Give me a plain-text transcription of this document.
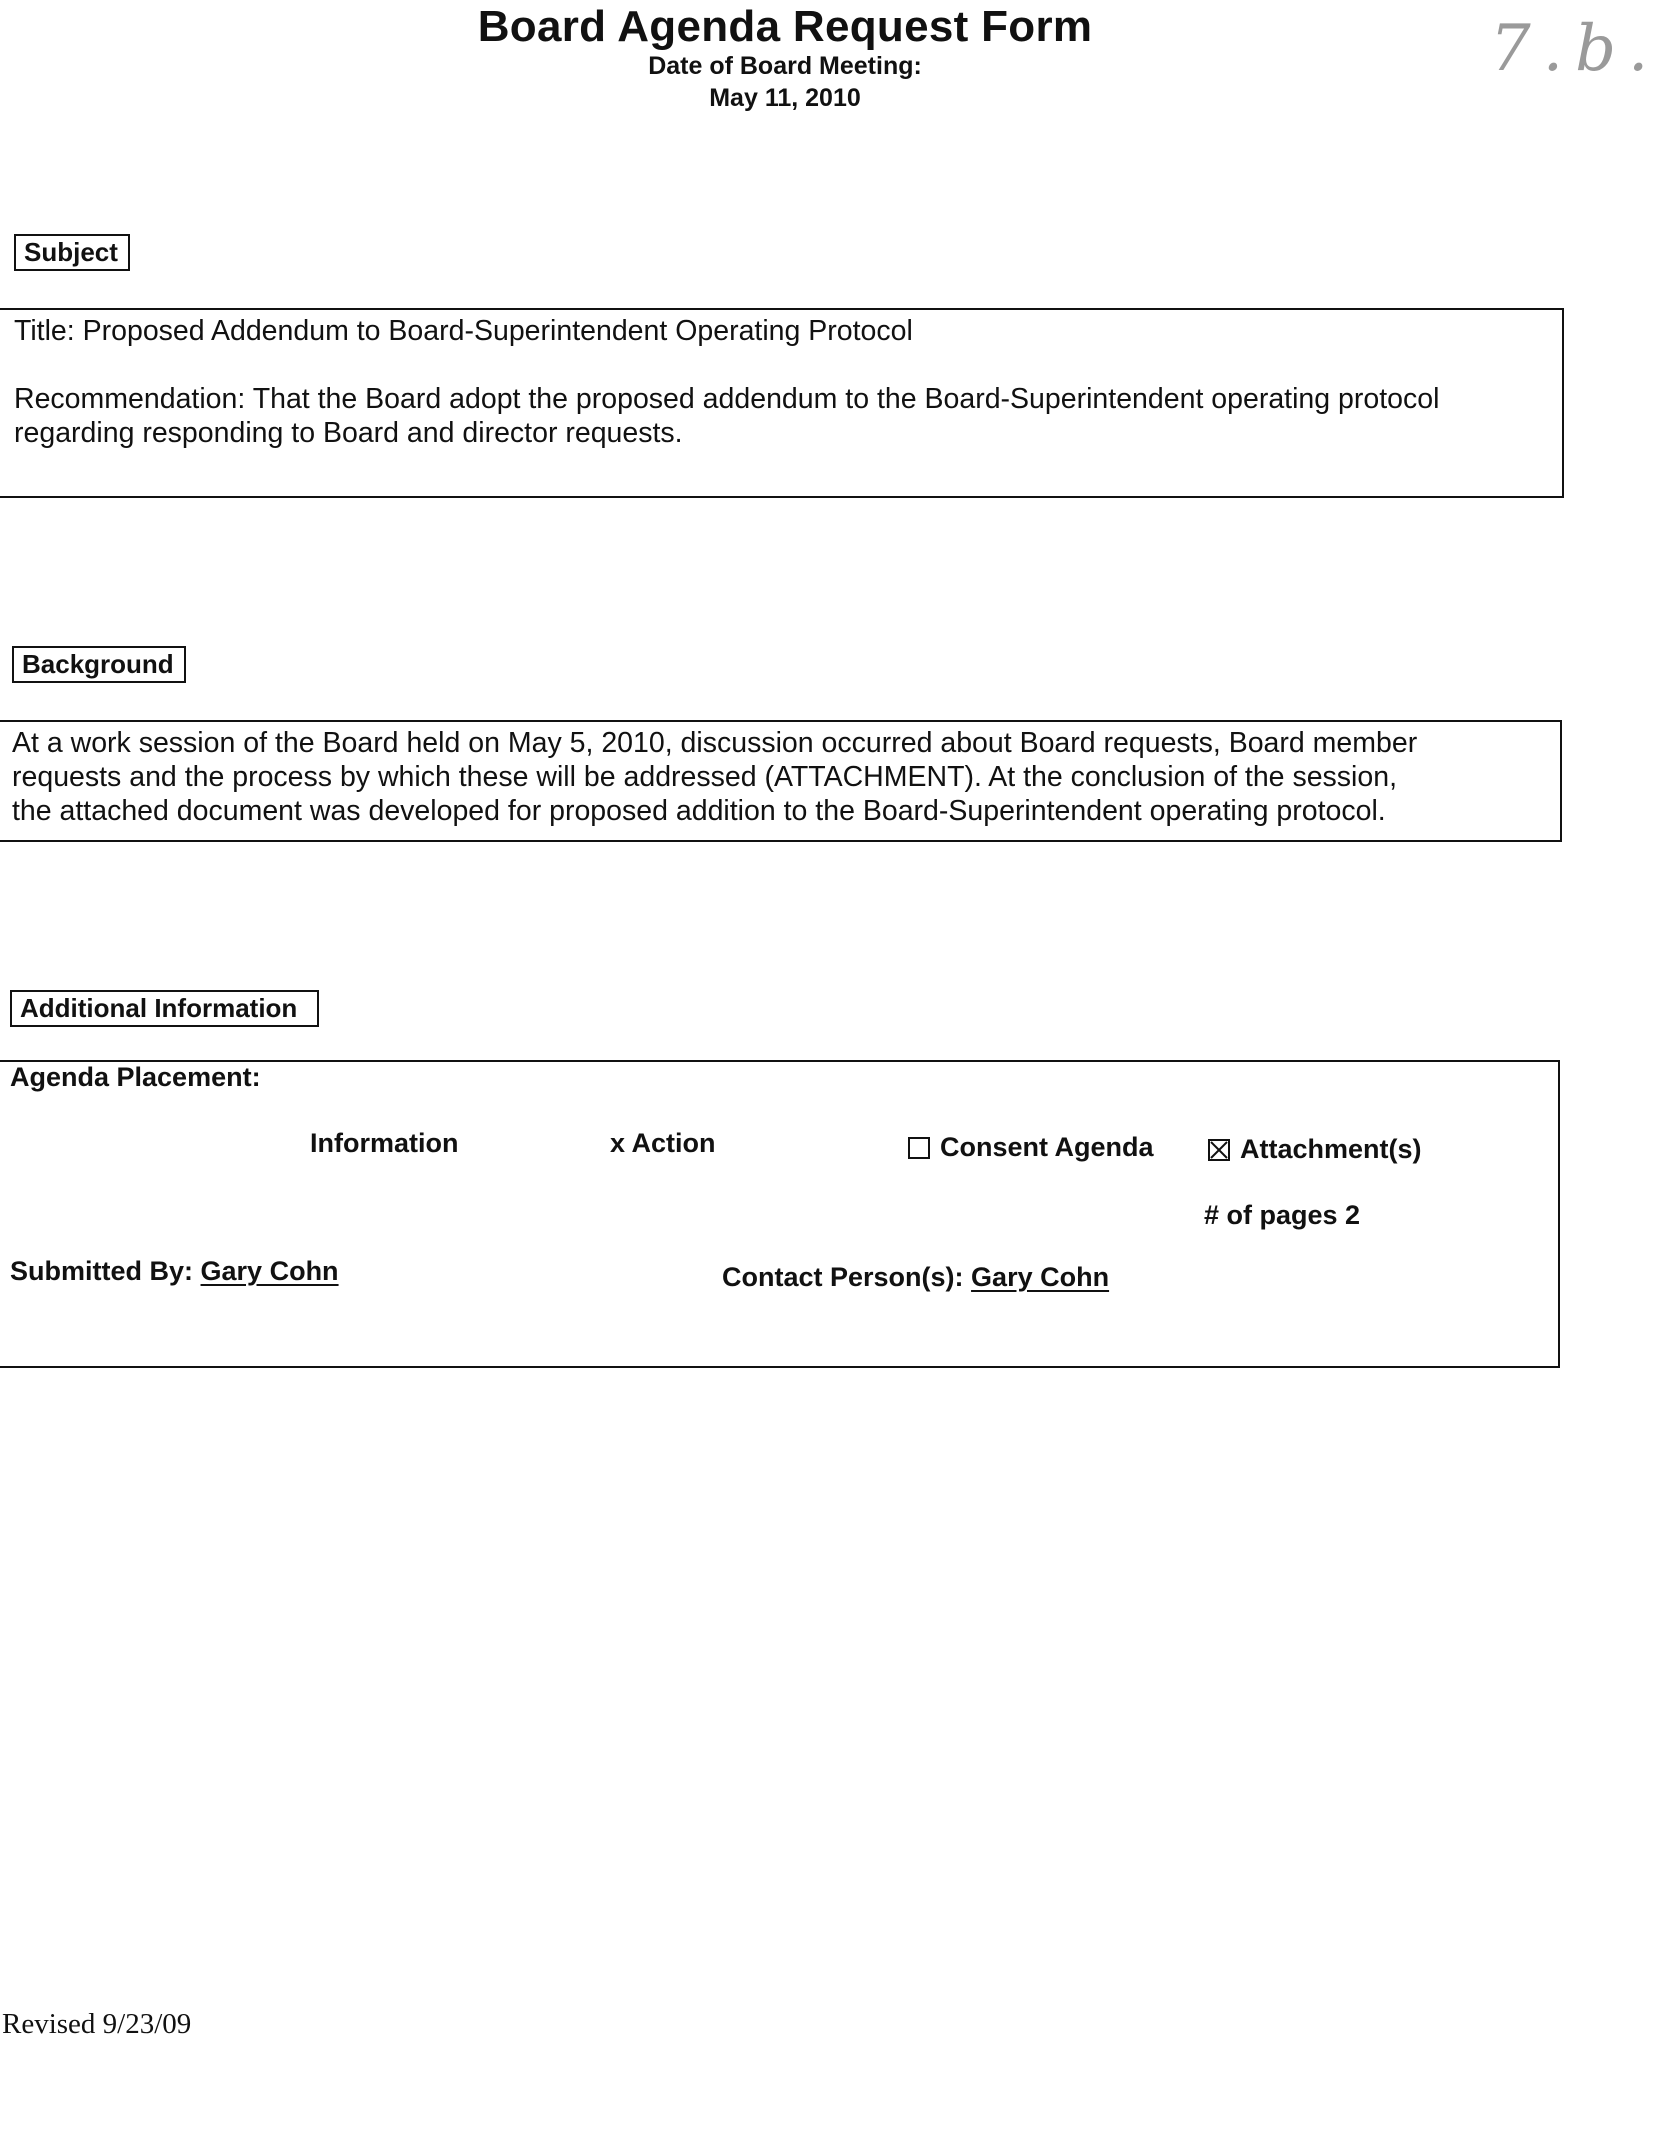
Board Agenda Request Form
Date of Board Meeting:
May 11, 2010
7.b.
Subject
Title: Proposed Addendum to Board-Superintendent Operating Protocol
Recommendation: That the Board adopt the proposed addendum to the Board-Superintendent operating protocol
regarding responding to Board and director requests.
Background
At a work session of the Board held on May 5, 2010, discussion occurred about Board requests, Board member
requests and the process by which these will be addressed (ATTACHMENT). At the conclusion of the session,
the attached document was developed for proposed addition to the Board-Superintendent operating protocol.
Additional Information
Agenda Placement:
Information	x Action	Consent Agenda	Attachment(s)
# of pages 2
Submitted By: Gary Cohn	Contact Person(s): Gary Cohn
Revised 9/23/09
